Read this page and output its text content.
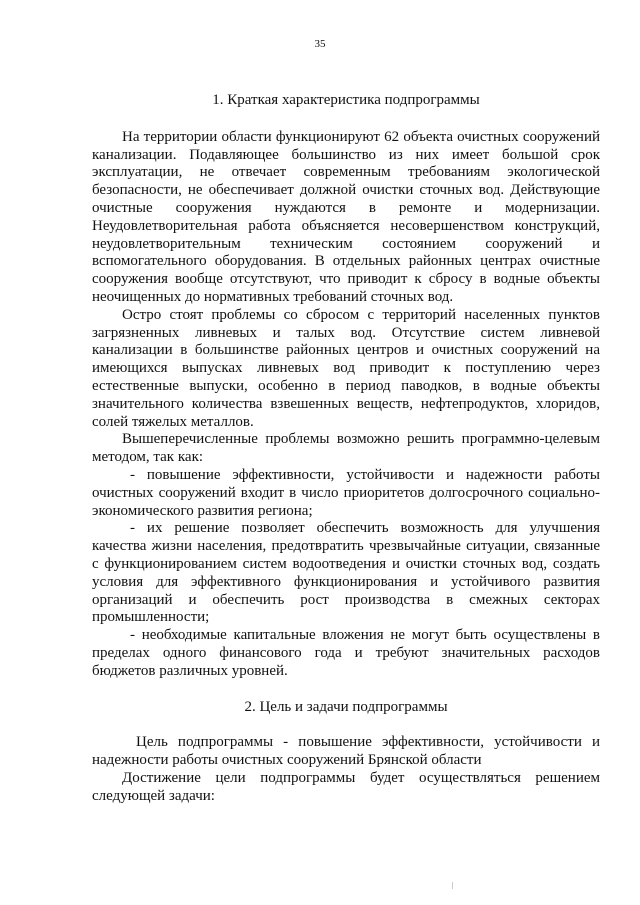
35
1. Краткая характеристика подпрограммы

На территории области функционируют 62 объекта очистных сооружений канализации. Подавляющее большинство из них имеет большой срок эксплуатации, не отвечает современным требованиям экологической безопасности, не обеспечивает должной очистки сточных вод. Действующие очистные сооружения нуждаются в ремонте и модернизации. Неудовлетворительная работа объясняется несовершенством конструкций, неудовлетворительным техническим состоянием сооружений и вспомогательного оборудования. В отдельных районных центрах очистные сооружения вообще отсутствуют, что приводит к сбросу в водные объекты неочищенных до нормативных требований сточных вод.

Остро стоят проблемы со сбросом с территорий населенных пунктов загрязненных ливневых и талых вод. Отсутствие систем ливневой канализации в большинстве районных центров и очистных сооружений на имеющихся выпусках ливневых вод приводит к поступлению через естественные выпуски, особенно в период паводков, в водные объекты значительного количества взвешенных веществ, нефтепродуктов, хлоридов, солей тяжелых металлов.

Вышеперечисленные проблемы возможно решить программно-целевым методом, так как:

- повышение эффективности, устойчивости и надежности работы очистных сооружений входит в число приоритетов долгосрочного социально-экономического развития региона;

- их решение позволяет обеспечить возможность для улучшения качества жизни населения, предотвратить чрезвычайные ситуации, связанные с функционированием систем водоотведения и очистки сточных вод, создать условия для эффективного функционирования и устойчивого развития организаций и обеспечить рост производства в смежных секторах промышленности;

- необходимые капитальные вложения не могут быть осуществлены в пределах одного финансового года и требуют значительных расходов бюджетов различных уровней.

2. Цель и задачи подпрограммы

Цель подпрограммы - повышение эффективности, устойчивости и надежности работы очистных сооружений Брянской области

Достижение цели подпрограммы будет осуществляться решением следующей задачи:
